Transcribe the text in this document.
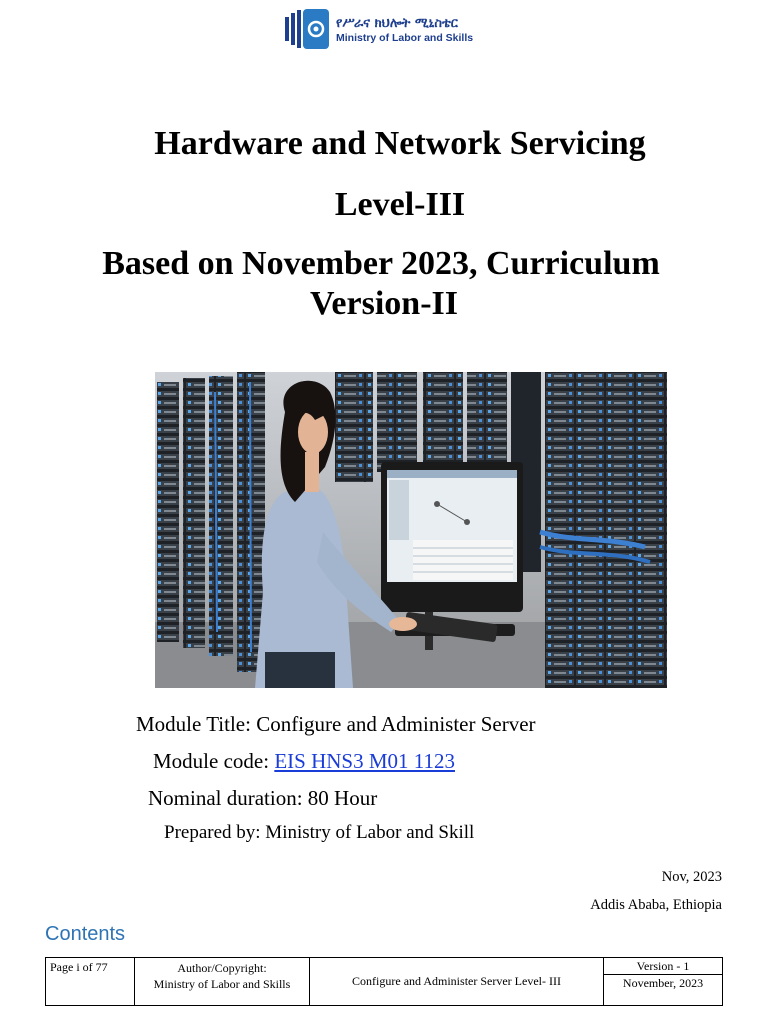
የሥራና ክህሎት ሚኒስቴር
Ministry of Labor and Skills
Hardware and Network Servicing
Level-III
Based on November 2023, Curriculum
Version-II
Module Title: Configure and Administer Server
Module code: EIS HNS3 M01 1123
Nominal duration: 80 Hour
Prepared by: Ministry of Labor and Skill
Nov, 2023
Addis Ababa, Ethiopia
Contents
Page i of 77	Author/Copyright:
Ministry of Labor and Skills	Configure and Administer Server Level- III
Version - 1
November, 2023
